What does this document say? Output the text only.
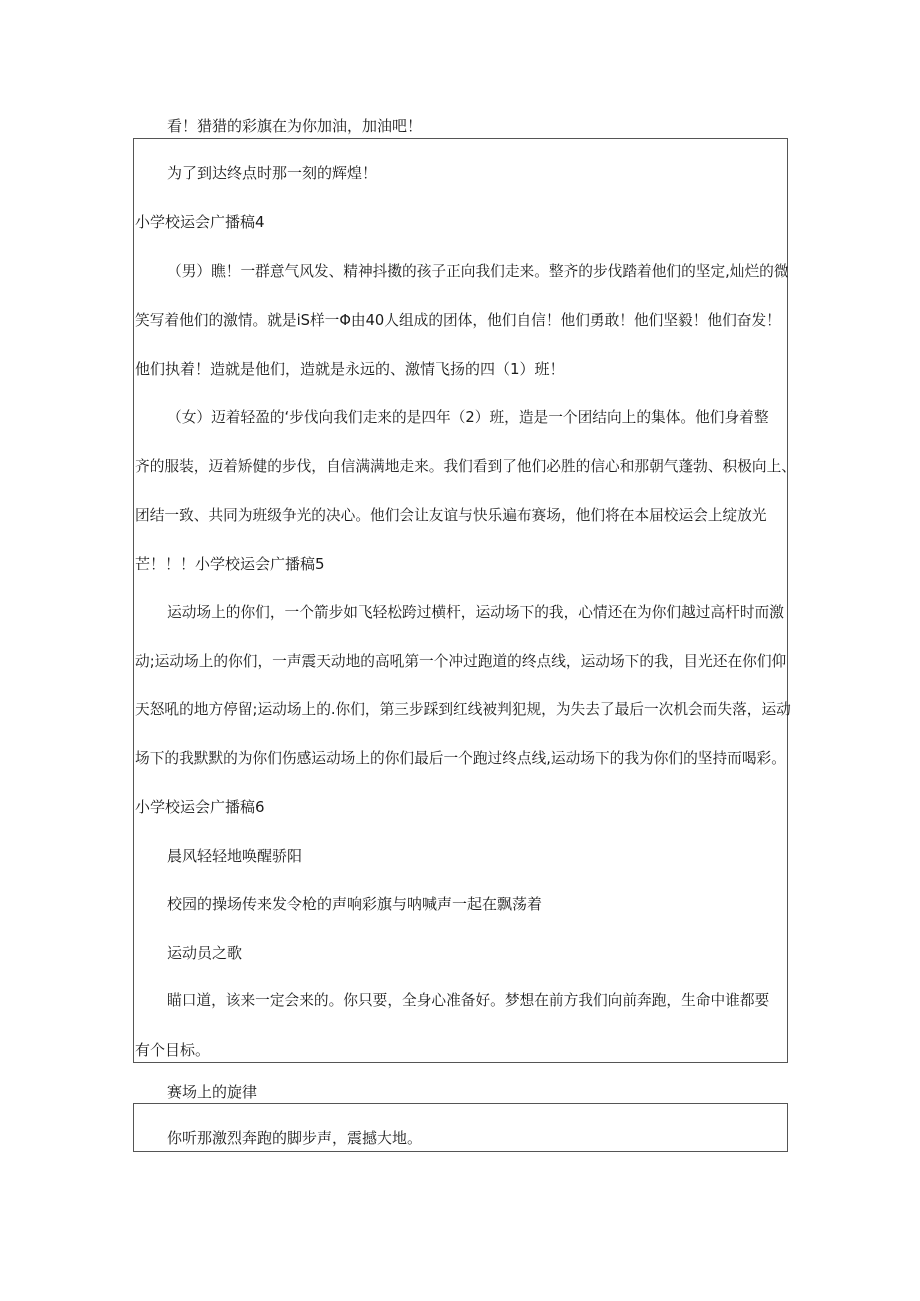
看！猎猎的彩旗在为你加油，加油吧！

为了到达终点时那一刻的辉煌！

小学校运会广播稿4

（男）瞧！一群意气风发、精神抖擞的孩子正向我们走来。整齐的步伐踏着他们的坚定,灿烂的微

笑写着他们的激情。就是iS样一Φ由40人组成的团体，他们自信！他们勇敢！他们坚毅！他们奋发！

他们执着！造就是他们，造就是永远的、激情飞扬的四（1）班！

（女）迈着轻盈的‘步伐向我们走来的是四年（2）班，造是一个团结向上的集体。他们身着整

齐的服装，迈着矫健的步伐，自信满满地走来。我们看到了他们必胜的信心和那朝气蓬勃、积极向上、

团结一致、共同为班级争光的决心。他们会让友谊与快乐遍布赛场，他们将在本届校运会上绽放光

芒！！！小学校运会广播稿5

运动场上的你们，一个箭步如飞轻松跨过横杆，运动场下的我，心情还在为你们越过高杆时而激

动;运动场上的你们，一声震天动地的高吼第一个冲过跑道的终点线，运动场下的我，目光还在你们仰

天怒吼的地方停留;运动场上的.你们，第三步踩到红线被判犯规，为失去了最后一次机会而失落，运动

场下的我默默的为你们伤感运动场上的你们最后一个跑过终点线,运动场下的我为你们的坚持而喝彩。

小学校运会广播稿6

晨风轻轻地唤醒骄阳

校园的操场传来发令枪的声响彩旗与呐喊声一起在飘荡着

运动员之歌

瞄口道，该来一定会来的。你只要，全身心准备好。梦想在前方我们向前奔跑，生命中谁都要

有个目标。

赛场上的旋律

你听那激烈奔跑的脚步声，震撼大地。
